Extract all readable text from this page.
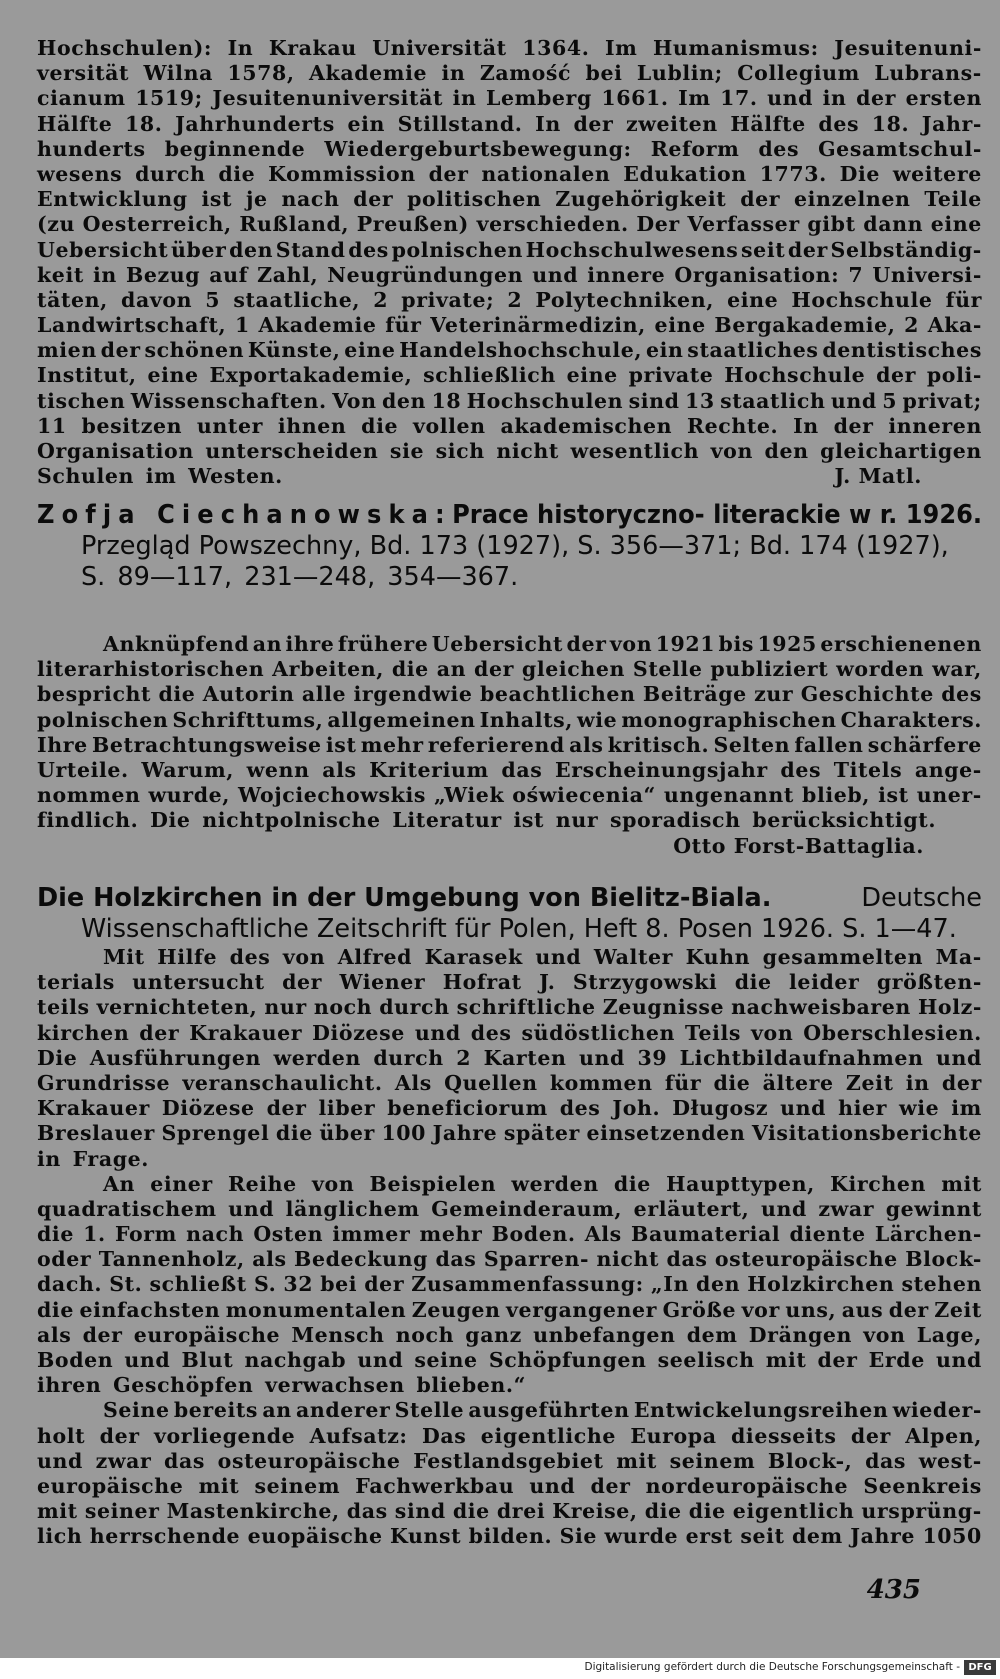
Hochschulen): In Krakau Universität 1364. Im Humanismus: Jesuitenuni-
versität Wilna 1578, Akademie in Zamość bei Lublin; Collegium Lubrans-
cianum 1519; Jesuitenuniversität in Lemberg 1661. Im 17. und in der ersten
Hälfte 18. Jahrhunderts ein Stillstand. In der zweiten Hälfte des 18. Jahr-
hunderts beginnende Wiedergeburtsbewegung: Reform des Gesamtschul-
wesens durch die Kommission der nationalen Edukation 1773. Die weitere
Entwicklung ist je nach der politischen Zugehörigkeit der einzelnen Teile
(zu Oesterreich, Rußland, Preußen) verschieden. Der Verfasser gibt dann eine
Uebersicht über den Stand des polnischen Hochschulwesens seit der Selbständig-
keit in Bezug auf Zahl, Neugründungen und innere Organisation: 7 Universi-
täten, davon 5 staatliche, 2 private; 2 Polytechniken, eine Hochschule für
Landwirtschaft, 1 Akademie für Veterinärmedizin, eine Bergakademie, 2 Aka-
mien der schönen Künste, eine Handelshochschule, ein staatliches dentistisches
Institut, eine Exportakademie, schließlich eine private Hochschule der poli-
tischen Wissenschaften. Von den 18 Hochschulen sind 13 staatlich und 5 privat;
11 besitzen unter ihnen die vollen akademischen Rechte. In der inneren
Organisation unterscheiden sie sich nicht wesentlich von den gleichartigen
Schulen im Westen.	J. Matl.
Zofja Ciechanowska: Prace historyczno- literackie w r. 1926.
Przegląd Powszechny, Bd. 173 (1927), S. 356—371; Bd. 174 (1927),
S. 89—117, 231—248, 354—367.
Anknüpfend an ihre frühere Uebersicht der von 1921 bis 1925 erschienenen
literarhistorischen Arbeiten, die an der gleichen Stelle publiziert worden war,
bespricht die Autorin alle irgendwie beachtlichen Beiträge zur Geschichte des
polnischen Schrifttums, allgemeinen Inhalts, wie monographischen Charakters.
Ihre Betrachtungsweise ist mehr referierend als kritisch. Selten fallen schärfere
Urteile. Warum, wenn als Kriterium das Erscheinungsjahr des Titels ange-
nommen wurde, Wojciechowskis „Wiek oświecenia“ ungenannt blieb, ist uner-
findlich. Die nichtpolnische Literatur ist nur sporadisch berücksichtigt.
Otto Forst-Battaglia.
Die Holzkirchen in der Umgebung von Bielitz-Biala.	Deutsche
Wissenschaftliche Zeitschrift für Polen, Heft 8. Posen 1926. S. 1—47.
Mit Hilfe des von Alfred Karasek und Walter Kuhn gesammelten Ma-
terials untersucht der Wiener Hofrat J. Strzygowski die leider größten-
teils vernichteten, nur noch durch schriftliche Zeugnisse nachweisbaren Holz-
kirchen der Krakauer Diözese und des südöstlichen Teils von Oberschlesien.
Die Ausführungen werden durch 2 Karten und 39 Lichtbildaufnahmen und
Grundrisse veranschaulicht. Als Quellen kommen für die ältere Zeit in der
Krakauer Diözese der liber beneficiorum des Joh. Długosz und hier wie im
Breslauer Sprengel die über 100 Jahre später einsetzenden Visitationsberichte
in Frage.
An einer Reihe von Beispielen werden die Haupttypen, Kirchen mit
quadratischem und länglichem Gemeinderaum, erläutert, und zwar gewinnt
die 1. Form nach Osten immer mehr Boden. Als Baumaterial diente Lärchen-
oder Tannenholz, als Bedeckung das Sparren- nicht das osteuropäische Block-
dach. St. schließt S. 32 bei der Zusammenfassung: „In den Holzkirchen stehen
die einfachsten monumentalen Zeugen vergangener Größe vor uns, aus der Zeit
als der europäische Mensch noch ganz unbefangen dem Drängen von Lage,
Boden und Blut nachgab und seine Schöpfungen seelisch mit der Erde und
ihren Geschöpfen verwachsen blieben.“
Seine bereits an anderer Stelle ausgeführten Entwickelungsreihen wieder-
holt der vorliegende Aufsatz: Das eigentliche Europa diesseits der Alpen,
und zwar das osteuropäische Festlandsgebiet mit seinem Block-, das west-
europäische mit seinem Fachwerkbau und der nordeuropäische Seenkreis
mit seiner Mastenkirche, das sind die drei Kreise, die die eigentlich ursprüng-
lich herrschende euopäische Kunst bilden. Sie wurde erst seit dem Jahre 1050
435
Digitalisierung gefördert durch die Deutsche Forschungsgemeinschaft - DFG
